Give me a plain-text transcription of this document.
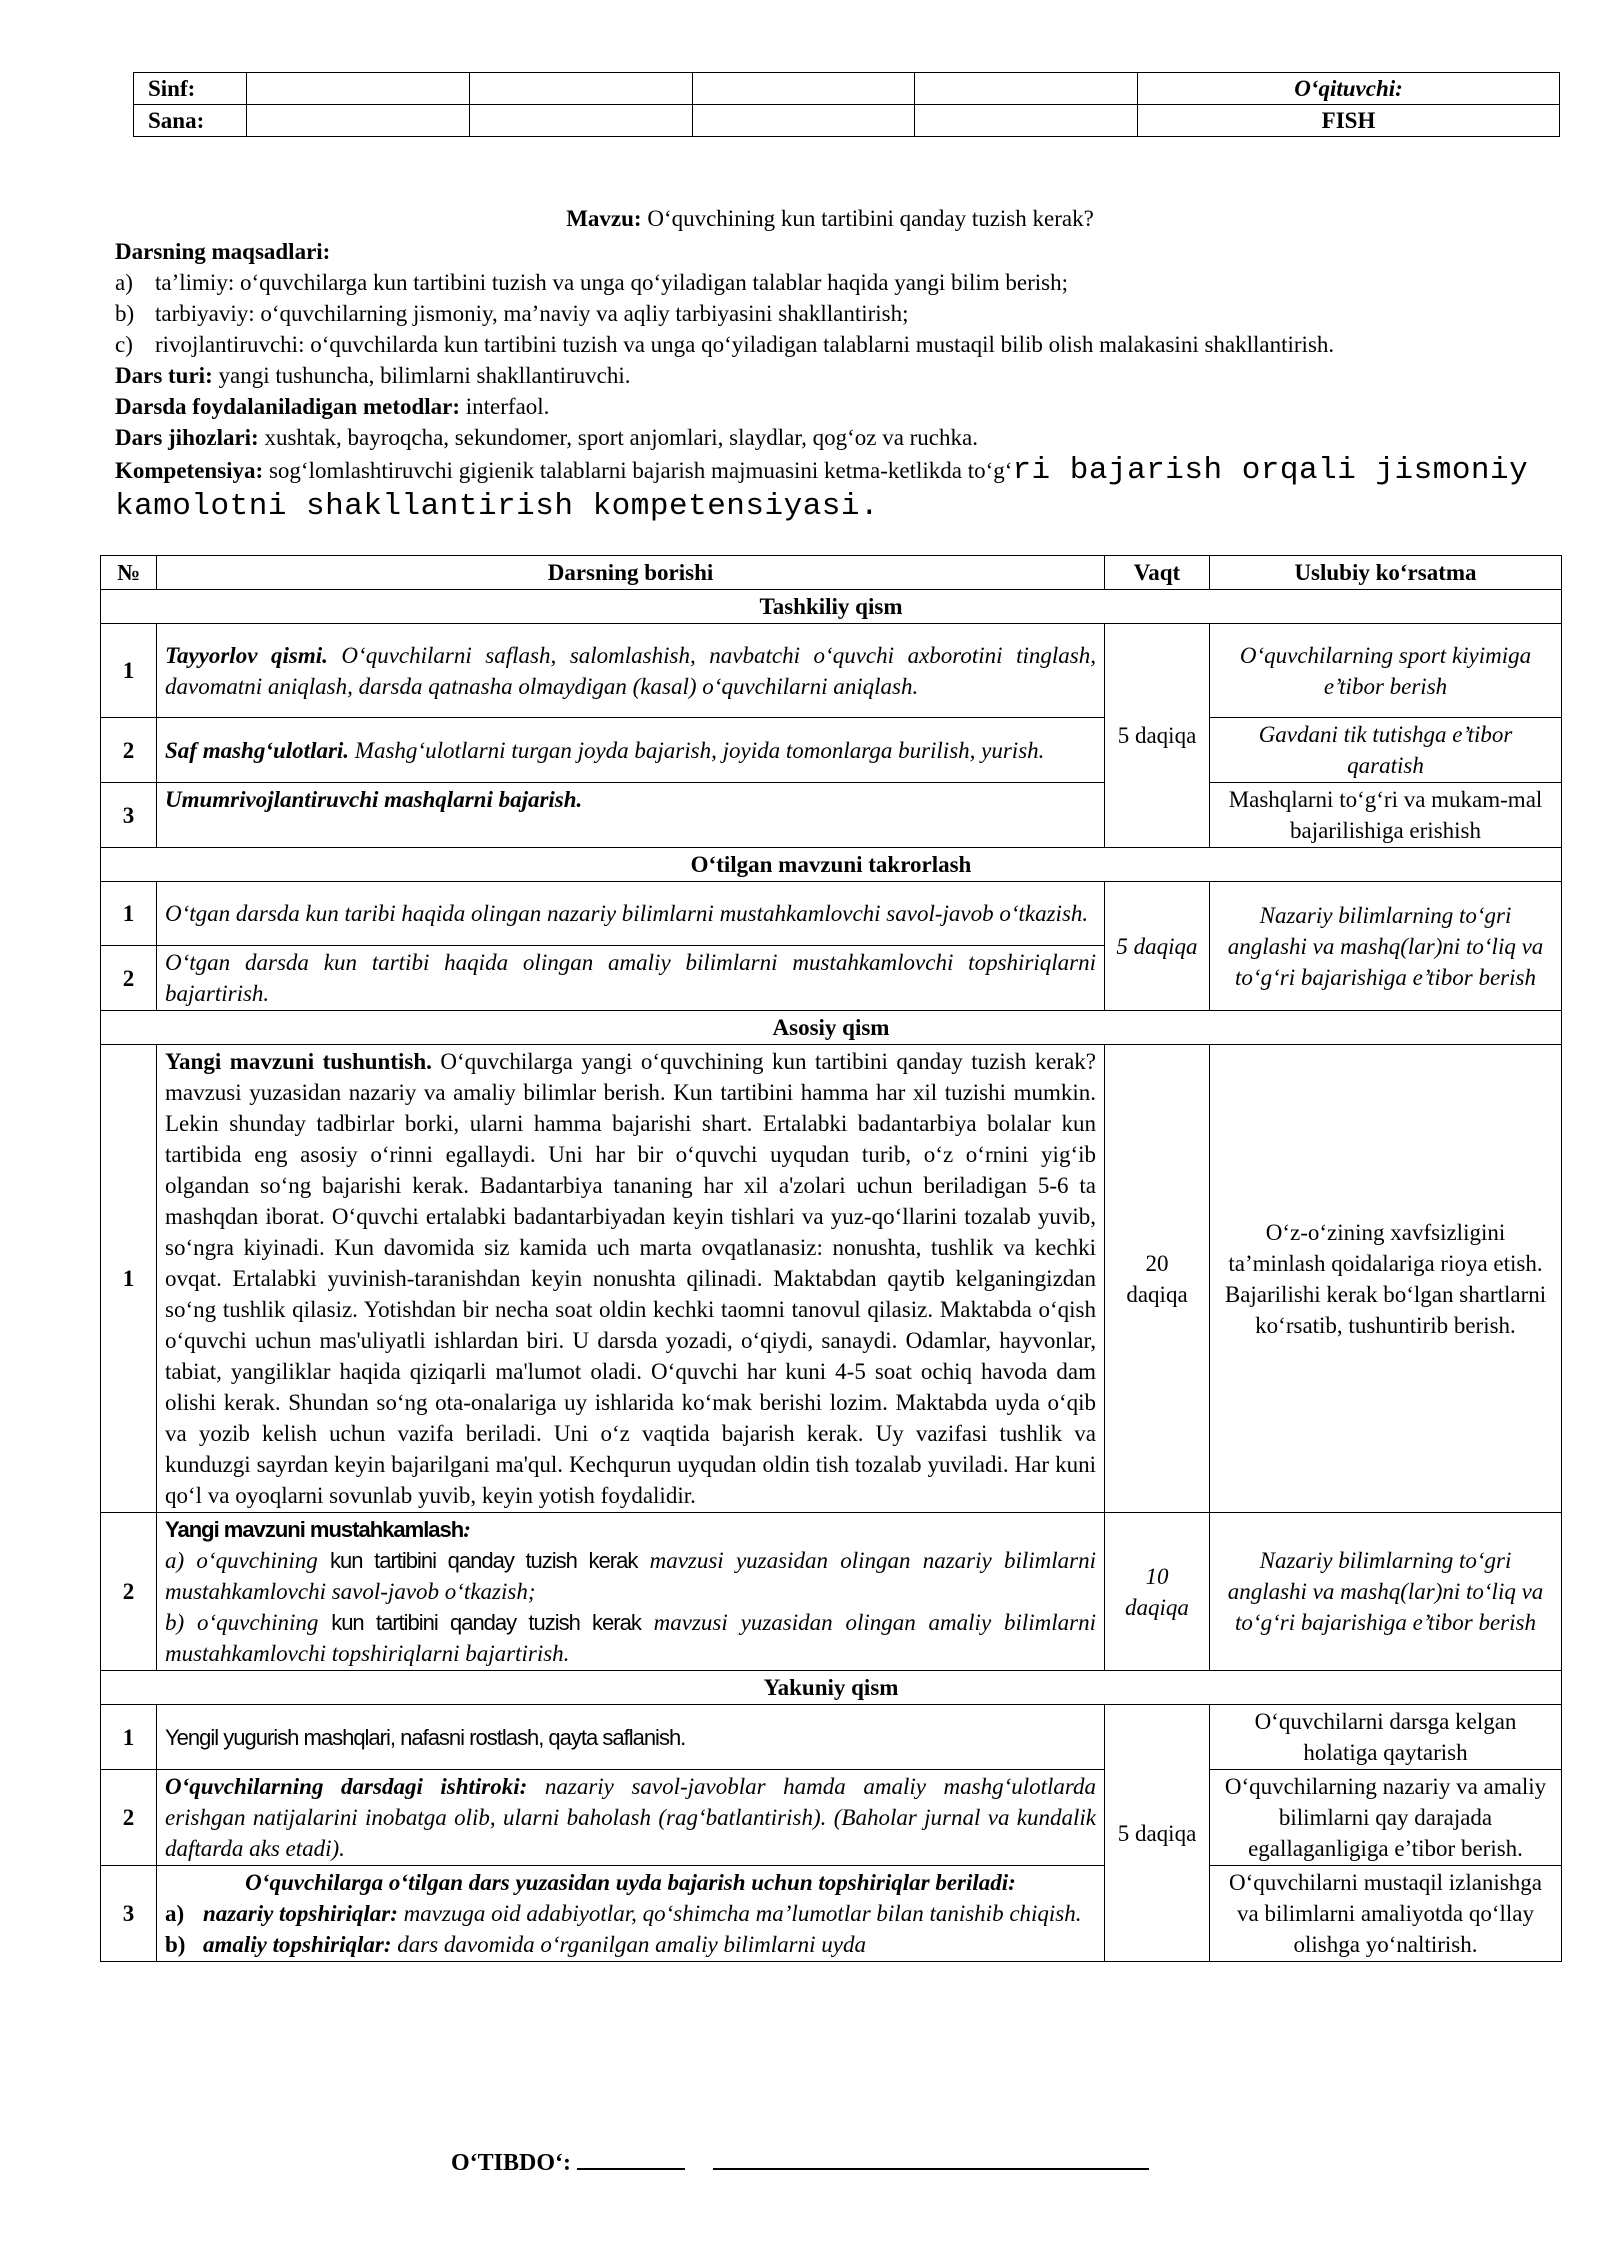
Sinf:					O‘qituvchi:
Sana:					FISH

Mavzu: O‘quvchining kun tartibini qanday tuzish kerak?

Darsning maqsadlari:

a) ta’limiy: o‘quvchilarga kun tartibini tuzish va unga qo‘yiladigan talablar haqida yangi bilim berish;
b) tarbiyaviy: o‘quvchilarning jismoniy, ma’naviy va aqliy tarbiyasini shakllantirish;
c) rivojlantiruvchi: o‘quvchilarda kun tartibini tuzish va unga qo‘yiladigan talablarni mustaqil bilib olish malakasini shakllantirish.

Dars turi: yangi tushuncha, bilimlarni shakllantiruvchi.

Darsda foydalaniladigan metodlar: interfaol.

Dars jihozlari: xushtak, bayroqcha, sekundomer, sport anjomlari, slaydlar, qog‘oz va ruchka.

Kompetensiya: sog‘lomlashtiruvchi gigienik talablarni bajarish majmuasini ketma-ketlikda to‘g‘ri bajarish orqali jismoniy kamolotni shakllantirish kompetensiyasi.

№	Darsning borishi	Vaqt	Uslubiy ko‘rsatma
Tashkiliy qism			
1	Tayyorlov qismi. O‘quvchilarni saflash, salomlashish, navbatchi o‘quvchi axborotini tinglash, davomatni aniqlash, darsda qatnasha olmaydigan (kasal) o‘quvchilarni aniqlash.	5 daqiqa	O‘quvchilarning sport kiyimiga e’tibor berish
2	Saf mashg‘ulotlari. Mashg‘ulotlarni turgan joyda bajarish, joyida tomonlarga burilish, yurish.		Gavdani tik tutishga e’tibor qaratish
3	Umumrivojlantiruvchi mashqlarni bajarish.		Mashqlarni to‘g‘ri va mukam-mal bajarilishiga erishish
O‘tilgan mavzuni takrorlash			
1	O‘tgan darsda kun taribi haqida olingan nazariy bilimlarni mustahkamlovchi savol-javob o‘tkazish.	5 daqiqa	Nazariy bilimlarning to‘gri anglashi va mashq(lar)ni to‘liq va to‘g‘ri bajarishiga e’tibor berish
2	O‘tgan darsda kun tartibi haqida olingan amaliy bilimlarni mustahkamlovchi topshiriqlarni bajartirish.		
Asosiy qism			
1	Yangi mavzuni tushuntish. O‘quvchilarga yangi o‘quvchining kun tartibini qanday tuzish kerak? mavzusi yuzasidan nazariy va amaliy bilimlar berish. Kun tartibini hamma har xil tuzishi mumkin. Lekin shunday tadbirlar borki, ularni hamma bajarishi shart. Ertalabki badantarbiya bolalar kun tartibida eng asosiy o‘rinni egallaydi. Uni har bir o‘quvchi uyqudan turib, o‘z o‘rnini yig‘ib olgandan so‘ng bajarishi kerak. Badantarbiya tananing har xil a'zolari uchun beriladigan 5-6 ta mashqdan iborat. O‘quvchi ertalabki badantarbiyadan keyin tishlari va yuz-qo‘llarini tozalab yuvib, so‘ngra kiyinadi. Kun davomida siz kamida uch marta ovqatlanasiz: nonushta, tushlik va kechki ovqat. Ertalabki yuvinish-taranishdan keyin nonushta qilinadi. Maktabdan qaytib kelganingizdan so‘ng tushlik qilasiz. Yotishdan bir necha soat oldin kechki taomni tanovul qilasiz. Maktabda o‘qish o‘quvchi uchun mas'uliyatli ishlardan biri. U darsda yozadi, o‘qiydi, sanaydi. Odamlar, hayvonlar, tabiat, yangiliklar haqida qiziqarli ma'lumot oladi. O‘quvchi har kuni 4-5 soat ochiq havoda dam olishi kerak. Shundan so‘ng ota-onalariga uy ishlarida ko‘mak berishi lozim. Maktabda uyda o‘qib va yozib kelish uchun vazifa beriladi. Uni o‘z vaqtida bajarish kerak. Uy vazifasi tushlik va kunduzgi sayrdan keyin bajarilgani ma'qul. Kechqurun uyqudan oldin tish tozalab yuviladi. Har kuni qo‘l va oyoqlarni sovunlab yuvib, keyin yotish foydalidir.	20 daqiqa	O‘z-o‘zining xavfsizligini ta’minlash qoidalariga rioya etish. Bajarilishi kerak bo‘lgan shartlarni ko‘rsatib, tushuntirib berish.
2	Yangi mavzuni mustahkamlash:
a) o‘quvchining kun tartibini qanday tuzish kerak mavzusi yuzasidan olingan nazariy bilimlarni mustahkamlovchi savol-javob o‘tkazish;
b) o‘quvchining kun tartibini qanday tuzish kerak mavzusi yuzasidan olingan amaliy bilimlarni mustahkamlovchi topshiriqlarni bajartirish.	10 daqiqa	Nazariy bilimlarning to‘gri anglashi va mashq(lar)ni to‘liq va to‘g‘ri bajarishiga e’tibor berish
Yakuniy qism			
1	Yengil yugurish mashqlari, nafasni rostlash, qayta saflanish.	5 daqiqa	O‘quvchilarni darsga kelgan holatiga qaytarish
2	O‘quvchilarning darsdagi ishtiroki: nazariy savol-javoblar hamda amaliy mashg‘ulotlarda erishgan natijalarini inobatga olib, ularni baholash (rag‘batlantirish). (Baholar jurnal va kundalik daftarda aks etadi).		O‘quvchilarning nazariy va amaliy bilimlarni qay darajada egallaganligiga e’tibor berish.
3	O‘quvchilarga o‘tilgan dars yuzasidan uyda bajarish uchun topshiriqlar beriladi:
a) nazariy topshiriqlar: mavzuga oid adabiyotlar, qo‘shimcha ma’lumotlar bilan tanishib chiqish.
b) amaliy topshiriqlar: dars davomida o‘rganilgan amaliy bilimlarni uyda		O‘quvchilarni mustaqil izlanishga va bilimlarni amaliyotda qo‘llay olishga yo‘naltirish.
O‘TIBDO‘:
